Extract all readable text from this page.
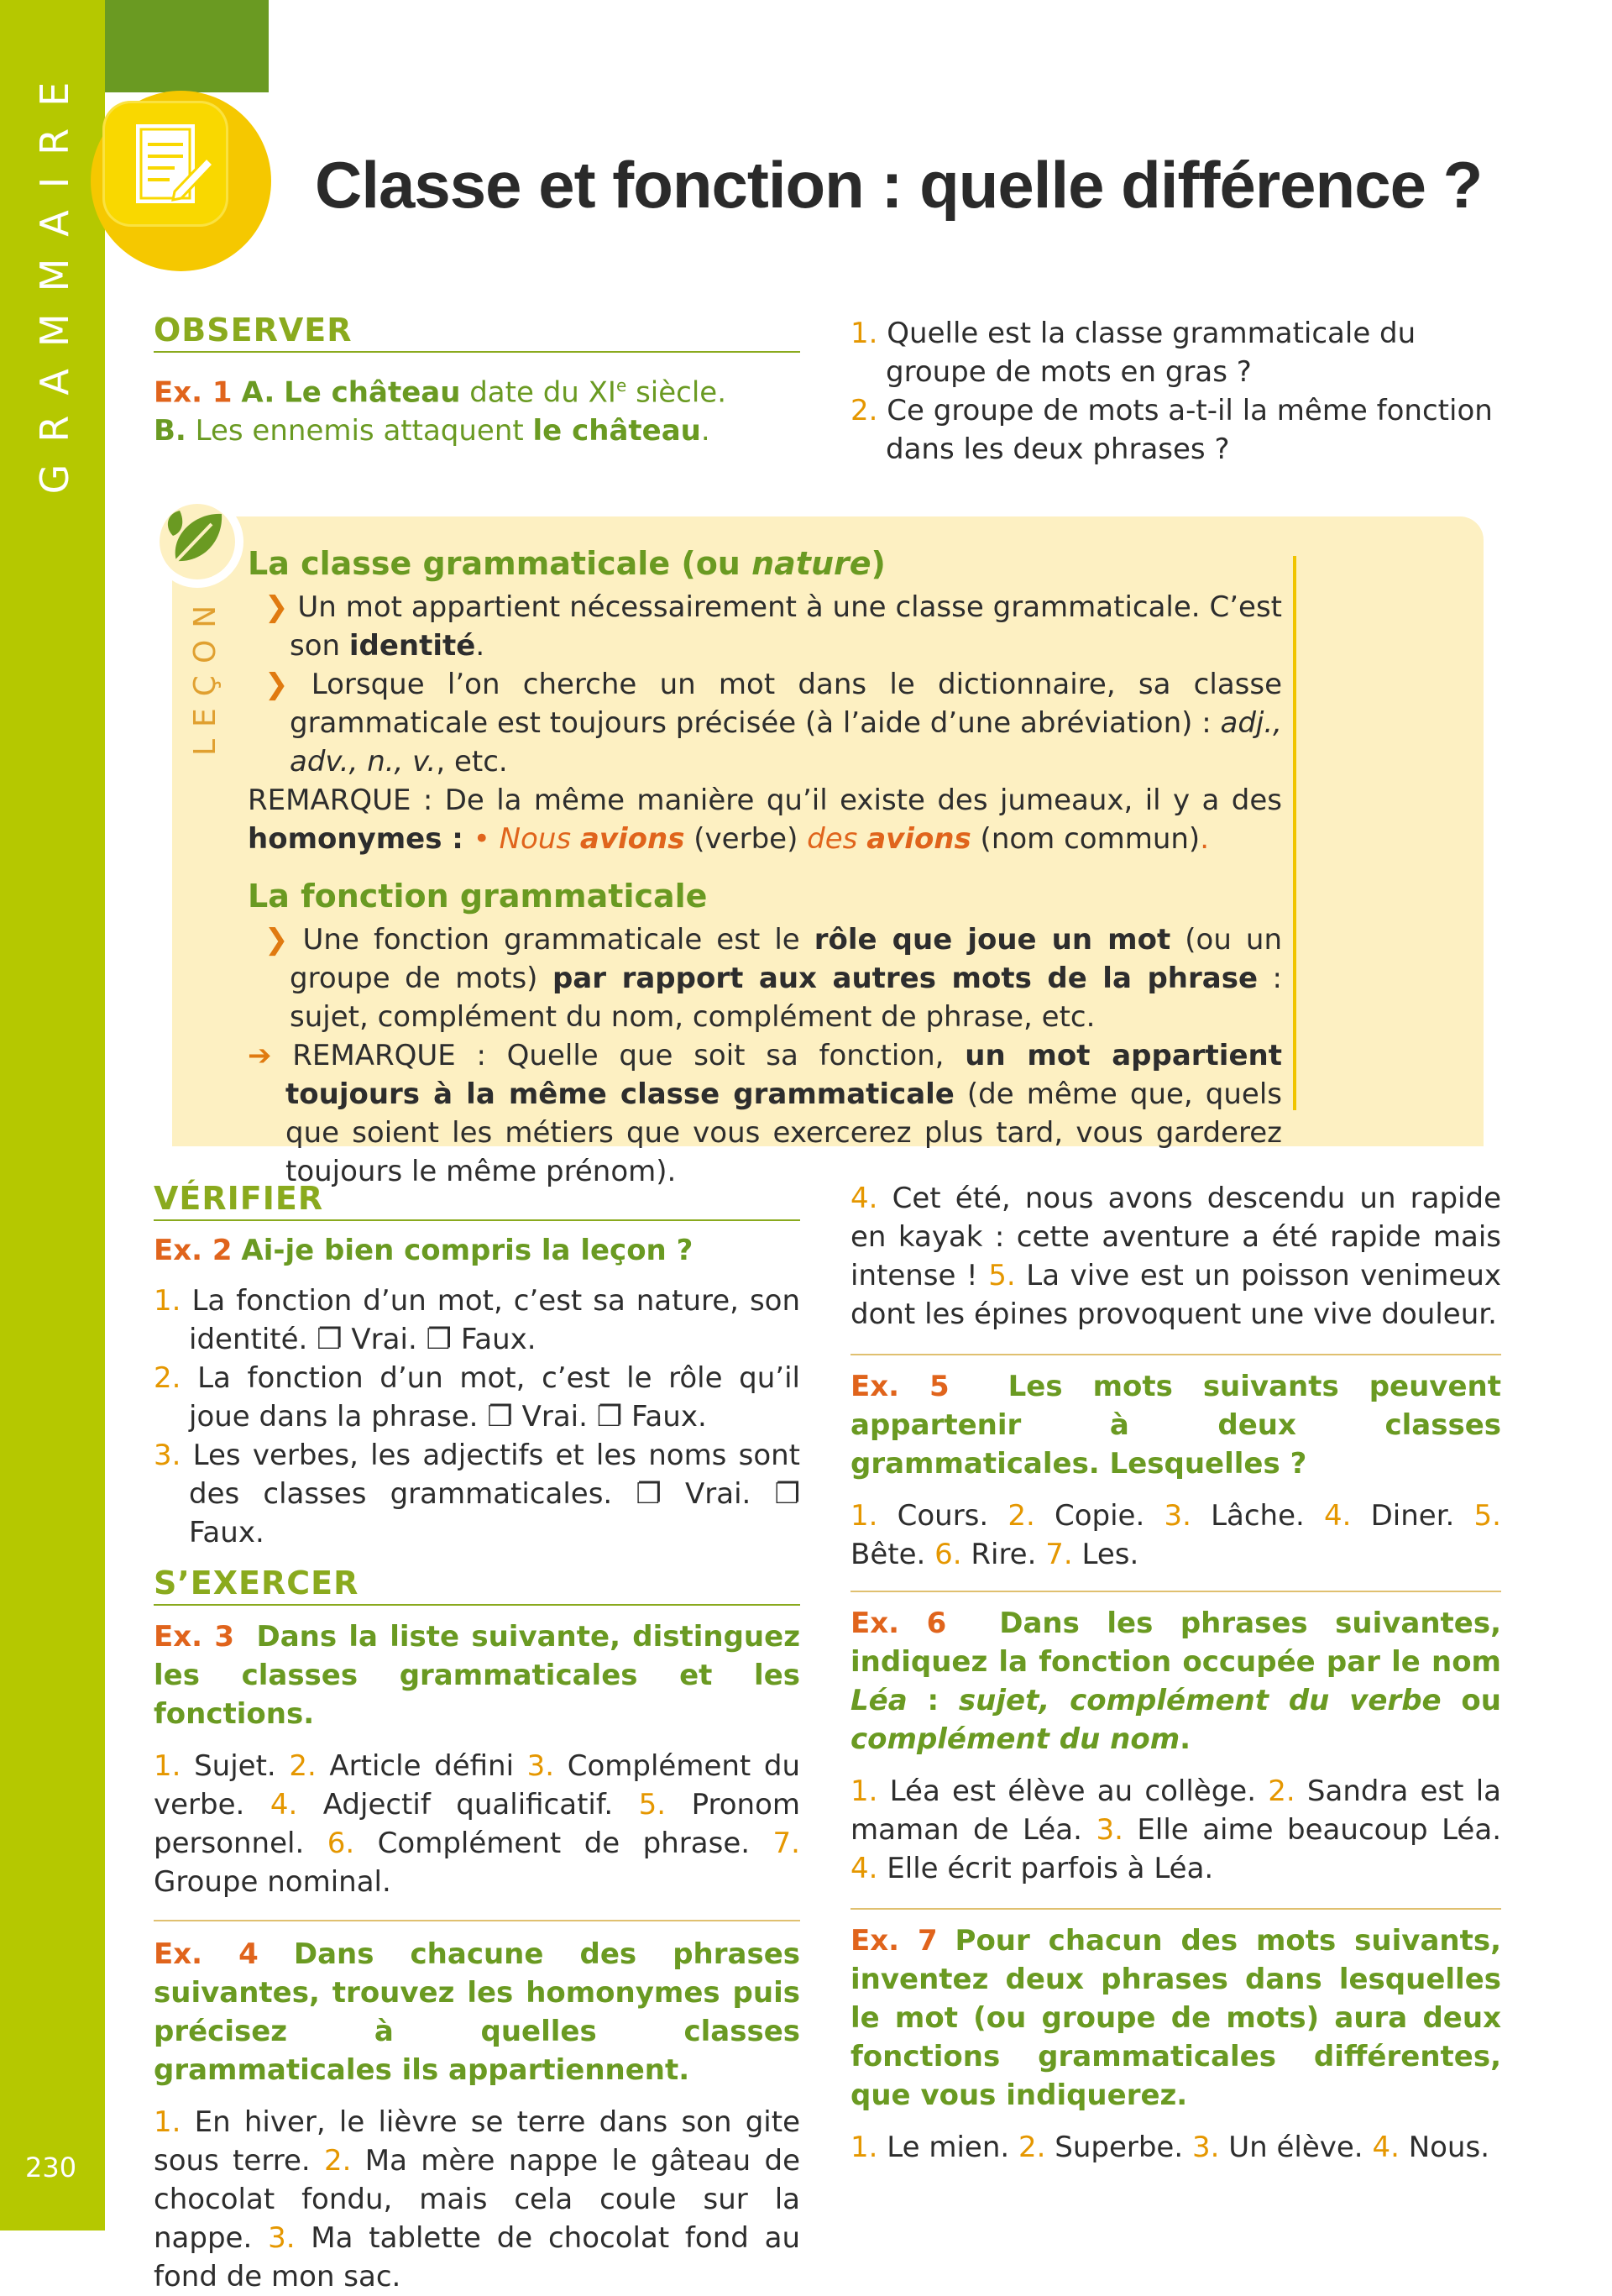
GRAMMAIRE
230
Classe et fonction : quelle différence ?
OBSERVER

Ex. 1 A. Le château date du XIe siècle.

B. Les ennemis attaquent le château.

1. Quelle est la classe grammaticale du groupe de mots en gras ?

2. Ce groupe de mots a-t-il la même fonction dans les deux phrases ?

LEÇON

La classe grammaticale (ou nature)

❯ Un mot appartient nécessairement à une classe grammaticale. C’est son identité.

❯ Lorsque l’on cherche un mot dans le dictionnaire, sa classe grammaticale est toujours précisée (à l’aide d’une abréviation) : adj., adv., n., v., etc.

REMARQUE : De la même manière qu’il existe des jumeaux, il y a des homonymes : • Nous avions (verbe) des avions (nom commun).

La fonction grammaticale

❯ Une fonction grammaticale est le rôle que joue un mot (ou un groupe de mots) par rapport aux autres mots de la phrase : sujet, complément du nom, complément de phrase, etc.

➔ REMARQUE : Quelle que soit sa fonction, un mot appartient toujours à la même classe grammaticale (de même que, quels que soient les métiers que vous exercerez plus tard, vous garderez toujours le même prénom).

VÉRIFIER

Ex. 2 Ai-je bien compris la leçon ?

1. La fonction d’un mot, c’est sa nature, son identité. ❐ Vrai. ❐ Faux.

2. La fonction d’un mot, c’est le rôle qu’il joue dans la phrase. ❐ Vrai. ❐ Faux.

3. Les verbes, les adjectifs et les noms sont des classes grammaticales. ❐ Vrai. ❐ Faux.

S’EXERCER

Ex. 3 Dans la liste suivante, distinguez les classes grammaticales et les fonctions.

1. Sujet. 2. Article défini 3. Complément du verbe. 4. Adjectif qualificatif. 5. Pronom personnel. 6. Complément de phrase. 7. Groupe nominal.

Ex. 4 Dans chacune des phrases suivantes, trouvez les homonymes puis précisez à quelles classes grammaticales ils appartiennent.

1. En hiver, le lièvre se terre dans son gite sous terre. 2. Ma mère nappe le gâteau de chocolat fondu, mais cela coule sur la nappe. 3. Ma tablette de chocolat fond au fond de mon sac.

4. Cet été, nous avons descendu un rapide en kayak : cette aventure a été rapide mais intense ! 5. La vive est un poisson venimeux dont les épines provoquent une vive douleur.

Ex. 5 Les mots suivants peuvent appartenir à deux classes grammaticales. Lesquelles ?

1. Cours. 2. Copie. 3. Lâche. 4. Diner. 5. Bête. 6. Rire. 7. Les.

Ex. 6 Dans les phrases suivantes, indiquez la fonction occupée par le nom Léa : sujet, complément du verbe ou complément du nom.

1. Léa est élève au collège. 2. Sandra est la maman de Léa. 3. Elle aime beaucoup Léa. 4. Elle écrit parfois à Léa.

Ex. 7 Pour chacun des mots suivants, inventez deux phrases dans lesquelles le mot (ou groupe de mots) aura deux fonctions grammaticales différentes, que vous indiquerez.

1. Le mien. 2. Superbe. 3. Un élève. 4. Nous.
